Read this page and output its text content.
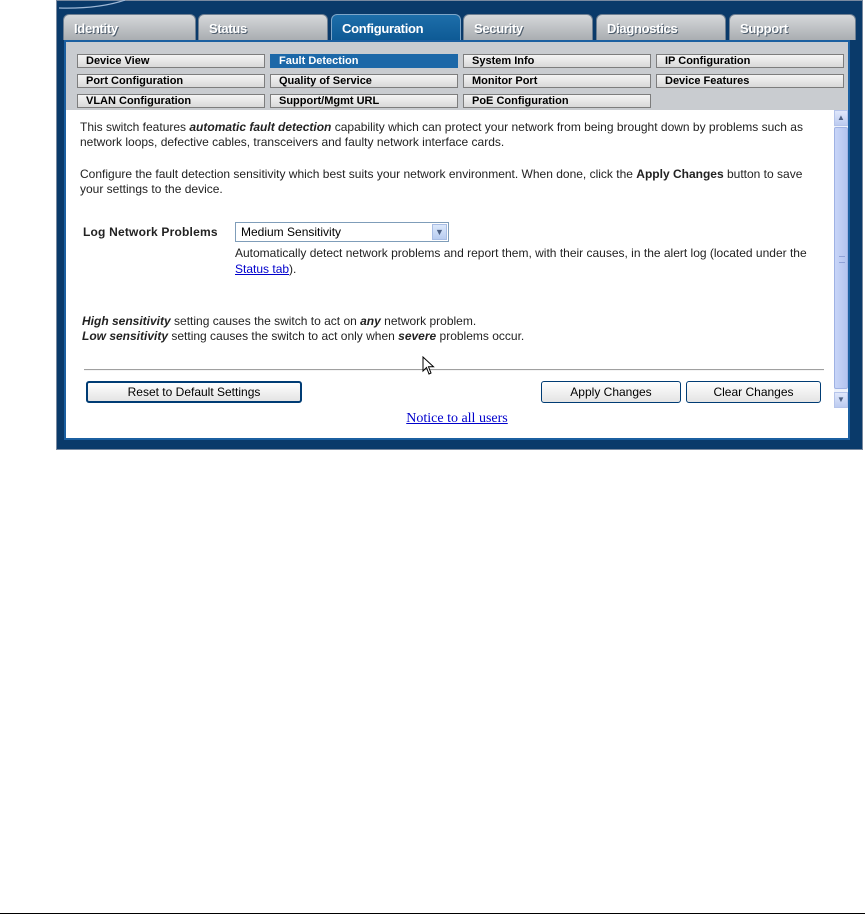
Identity	Status	Configuration	Security	Diagnostics	Support
Device View	Fault Detection	System Info	IP Configuration
Port Configuration	Quality of Service	Monitor Port	Device Features
VLAN Configuration	Support/Mgmt URL	PoE Configuration

This switch features automatic fault detection capability which can protect your network from being brought down by problems such as network loops, defective cables, transceivers and faulty network interface cards.

Configure the fault detection sensitivity which best suits your network environment. When done, click the Apply Changes button to save your settings to the device.

Log Network Problems	Medium Sensitivity	▼
Automatically detect network problems and report them, with their causes, in the alert log (located under the Status tab).
High sensitivity setting causes the switch to act on any network problem.
Low sensitivity setting causes the switch to act only when severe problems occur.
Reset to Default Settings	Apply Changes	Clear Changes
Notice to all users
▲
▼
